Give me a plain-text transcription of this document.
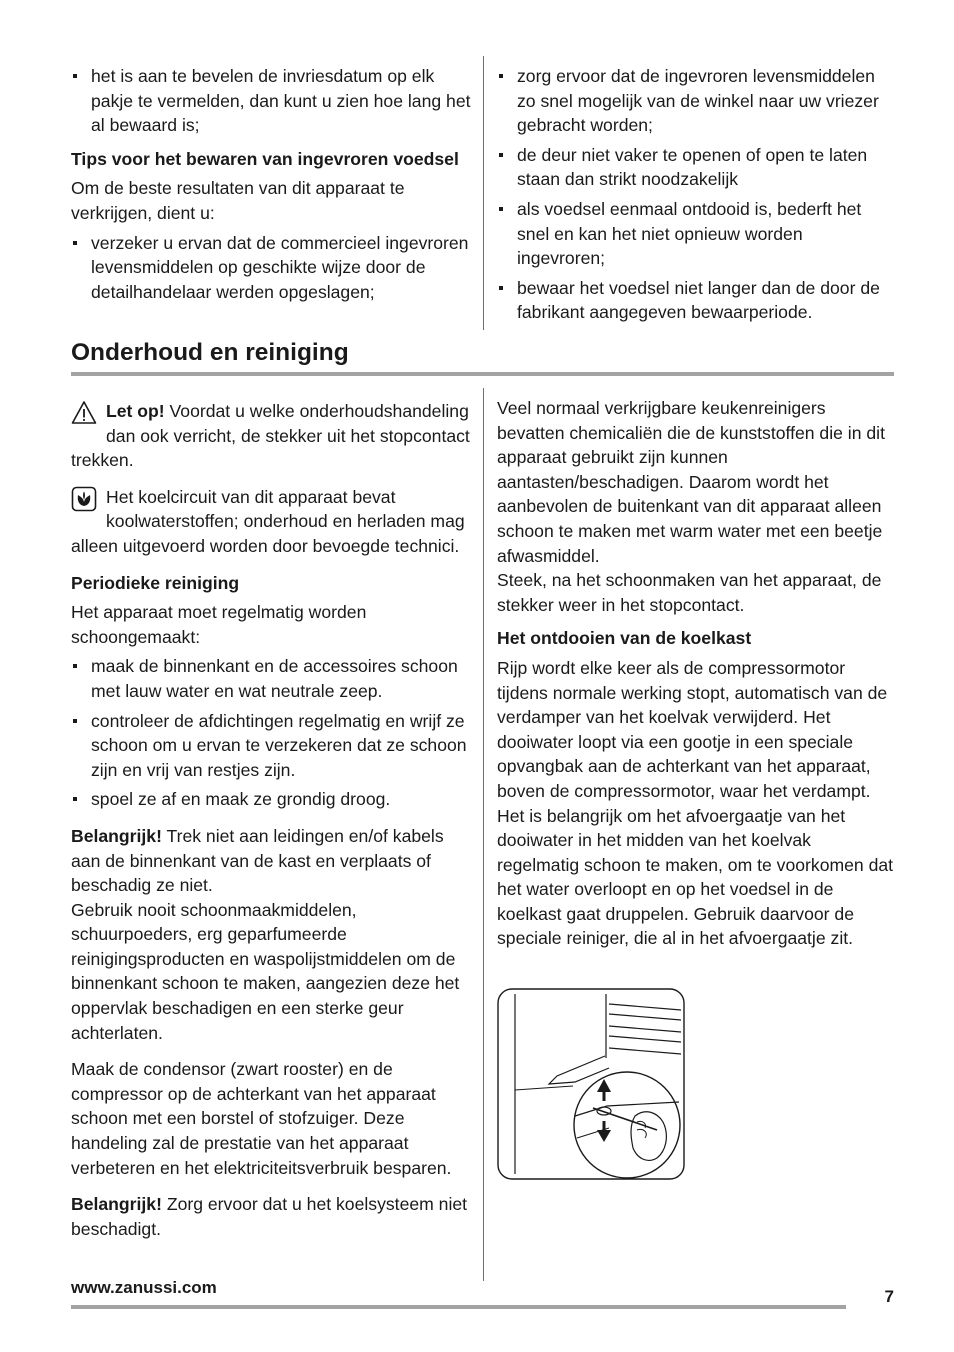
het is aan te bevelen de invriesdatum op elk pakje te vermelden, dan kunt u zien hoe lang het al bewaard is;

Tips voor het bewaren van ingevroren voedsel

Om de beste resultaten van dit apparaat te verkrijgen, dient u:

verzeker u ervan dat de commercieel ingevroren levensmiddelen op geschikte wijze door de detailhandelaar werden opgeslagen;
zorg ervoor dat de ingevroren levensmiddelen zo snel mogelijk van de winkel naar uw vriezer gebracht worden;
de deur niet vaker te openen of open te laten staan dan strikt noodzakelijk
als voedsel eenmaal ontdooid is, bederft het snel en kan het niet opnieuw worden ingevroren;
bewaar het voedsel niet langer dan de door de fabrikant aangegeven bewaarperiode.
Onderhoud en reiniging

Let op! Voordat u welke onderhoudshandeling dan ook verricht, de stekker uit het stopcontact trekken.

Het koelcircuit van dit apparaat bevat koolwaterstoffen; onderhoud en herladen mag alleen uitgevoerd worden door bevoegde technici.

Periodieke reiniging

Het apparaat moet regelmatig worden schoongemaakt:

maak de binnenkant en de accessoires schoon met lauw water en wat neutrale zeep.
controleer de afdichtingen regelmatig en wrijf ze schoon om u ervan te verzekeren dat ze schoon zijn en vrij van restjes zijn.
spoel ze af en maak ze grondig droog.

Belangrijk! Trek niet aan leidingen en/of kabels aan de binnenkant van de kast en verplaats of beschadig ze niet.

Gebruik nooit schoonmaakmiddelen, schuurpoeders, erg geparfumeerde reinigingsproducten en waspolijstmiddelen om de binnenkant schoon te maken, aangezien deze het oppervlak beschadigen en een sterke geur achterlaten.

Maak de condensor (zwart rooster) en de compressor op de achterkant van het apparaat schoon met een borstel of stofzuiger. Deze handeling zal de prestatie van het apparaat verbeteren en het elektriciteitsverbruik besparen.

Belangrijk! Zorg ervoor dat u het koelsysteem niet beschadigt.

Veel normaal verkrijgbare keukenreinigers bevatten chemicaliën die de kunststoffen die in dit apparaat gebruikt zijn kunnen aantasten/beschadigen. Daarom wordt het aanbevolen de buitenkant van dit apparaat alleen schoon te maken met warm water met een beetje afwasmiddel.

Steek, na het schoonmaken van het apparaat, de stekker weer in het stopcontact.

Het ontdooien van de koelkast

Rijp wordt elke keer als de compressormotor tijdens normale werking stopt, automatisch van de verdamper van het koelvak verwijderd. Het dooiwater loopt via een gootje in een speciale opvangbak aan de achterkant van het apparaat, boven de compressormotor, waar het verdampt.

Het is belangrijk om het afvoergaatje van het dooiwater in het midden van het koelvak regelmatig schoon te maken, om te voorkomen dat het water overloopt en op het voedsel in de koelkast gaat druppelen. Gebruik daarvoor de speciale reiniger, die al in het afvoergaatje zit.

www.zanussi.com	7
